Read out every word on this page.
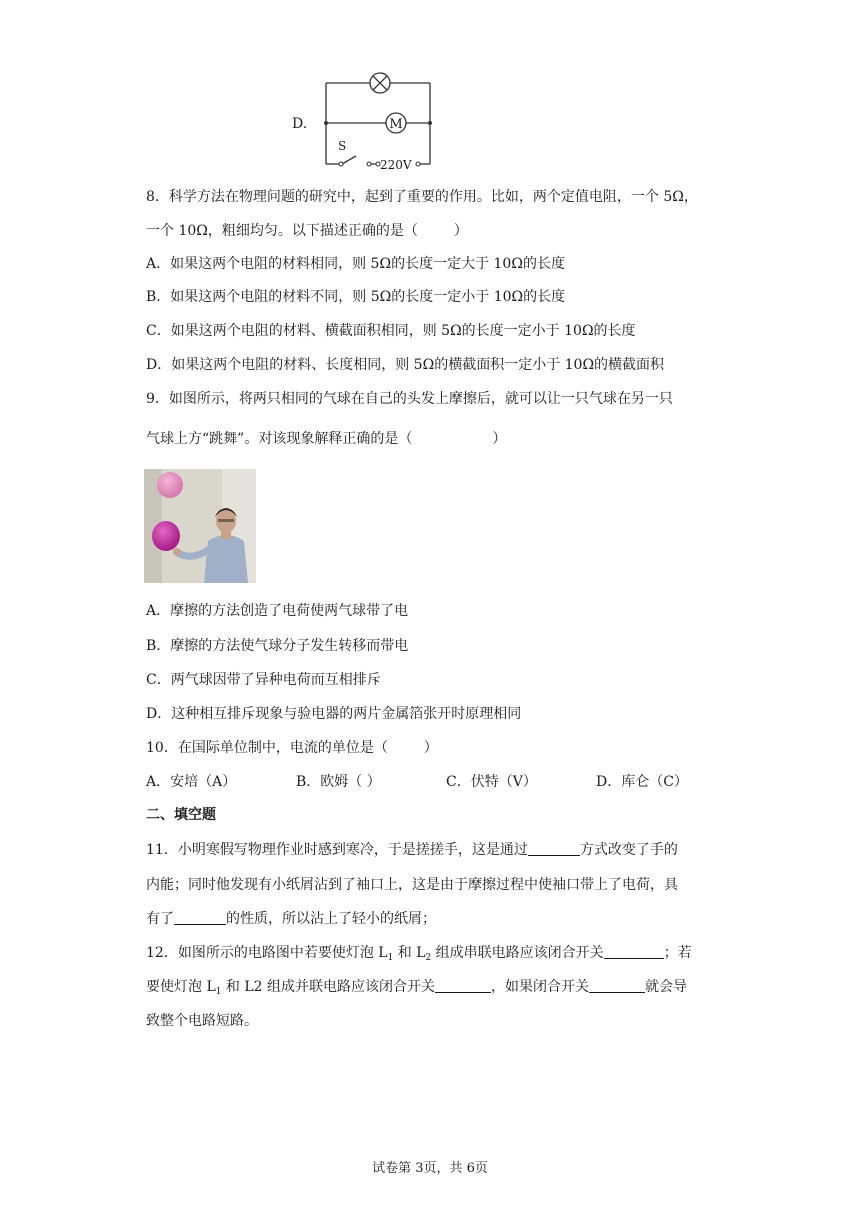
D.	M
S
220V
8．科学方法在物理问题的研究中，起到了重要的作用。比如，两个定值电阻，一个 5Ω，
一个 10Ω，粗细均匀。以下描述正确的是（	）
A．如果这两个电阻的材料相同，则 5Ω的长度一定大于 10Ω的长度
B．如果这两个电阻的材料不同，则 5Ω的长度一定小于 10Ω的长度
C．如果这两个电阻的材料、横截面积相同，则 5Ω的长度一定小于 10Ω的长度
D．如果这两个电阻的材料、长度相同，则 5Ω的横截面积一定小于 10Ω的横截面积
9．如图所示，将两只相同的气球在自己的头发上摩擦后，就可以让一只气球在另一只
气球上方“跳舞”。对该现象解释正确的是（	）
A．摩擦的方法创造了电荷使两气球带了电
B．摩擦的方法使气球分子发生转移而带电
C．两气球因带了异种电荷而互相排斥
D．这种相互排斥现象与验电器的两片金属箔张开时原理相同
10．在国际单位制中，电流的单位是（	）
A．安培（A）	B．欧姆（ ）	C．伏特（V）	D．库仑（C）
二、填空题
11．小明寒假写物理作业时感到寒冷，于是搓搓手，这是通过	方式改变了手的
内能；同时他发现有小纸屑沾到了袖口上，这是由于摩擦过程中使袖口带上了电荷，具
有了	的性质，所以沾上了轻小的纸屑；
12．如图所示的电路图中若要使灯泡 $L_1$ 和 $L_2$ 组成串联电路应该闭合开关	；若
要使灯泡 $L_1$ 和 L2 组成并联电路应该闭合开关	，如果闭合开关	就会导
致整个电路短路。
试卷第 3页，共 6页
